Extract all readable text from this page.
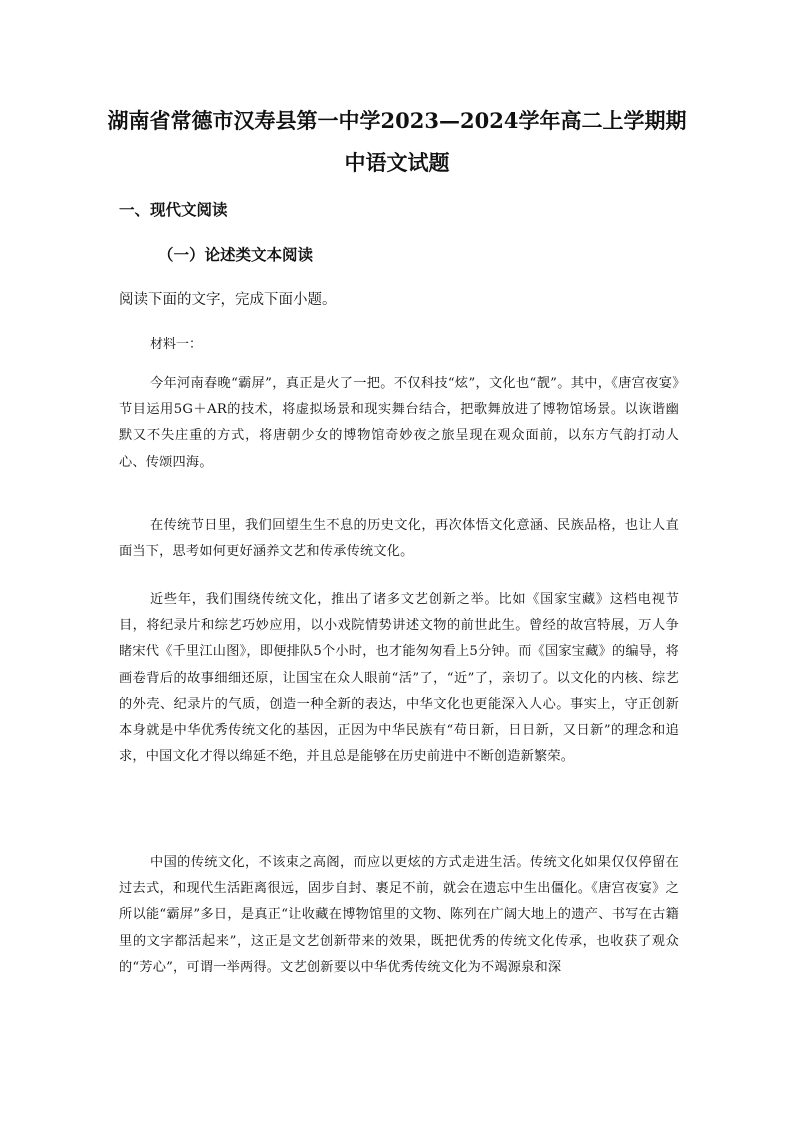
湖南省常德市汉寿县第一中学2023—2024学年高二上学期期中语文试题
一、现代文阅读
（一）论述类文本阅读

阅读下面的文字，完成下面小题。

材料一：

今年河南春晚“霸屏”，真正是火了一把。不仅科技“炫”，文化也“靓”。其中，《唐宫夜宴》节目运用5G＋AR的技术，将虚拟场景和现实舞台结合，把歌舞放进了博物馆场景。以诙谐幽默又不失庄重的方式，将唐朝少女的博物馆奇妙夜之旅呈现在观众面前，以东方气韵打动人心、传颂四海。

在传统节日里，我们回望生生不息的历史文化，再次体悟文化意涵、民族品格，也让人直面当下，思考如何更好涵养文艺和传承传统文化。

近些年，我们围绕传统文化，推出了诸多文艺创新之举。比如《国家宝藏》这档电视节目，将纪录片和综艺巧妙应用，以小戏院情势讲述文物的前世此生。曾经的故宫特展，万人争睹宋代《千里江山图》，即便排队5个小时，也才能匆匆看上5分钟。而《国家宝藏》的编导，将画卷背后的故事细细还原，让国宝在众人眼前“活”了，“近”了，亲切了。以文化的内核、综艺的外壳、纪录片的气质，创造一种全新的表达，中华文化也更能深入人心。事实上，守正创新本身就是中华优秀传统文化的基因，正因为中华民族有“苟日新，日日新，又日新”的理念和追求，中国文化才得以绵延不绝，并且总是能够在历史前进中不断创造新繁荣。

中国的传统文化，不该束之高阁，而应以更炫的方式走进生活。传统文化如果仅仅停留在过去式，和现代生活距离很远，固步自封、裹足不前，就会在遗忘中生出僵化。《唐宫夜宴》之所以能“霸屏”多日，是真正“让收藏在博物馆里的文物、陈列在广阔大地上的遗产、书写在古籍里的文字都活起来”，这正是文艺创新带来的效果，既把优秀的传统文化传承，也收获了观众的“芳心”，可谓一举两得。文艺创新要以中华优秀传统文化为不竭源泉和深
